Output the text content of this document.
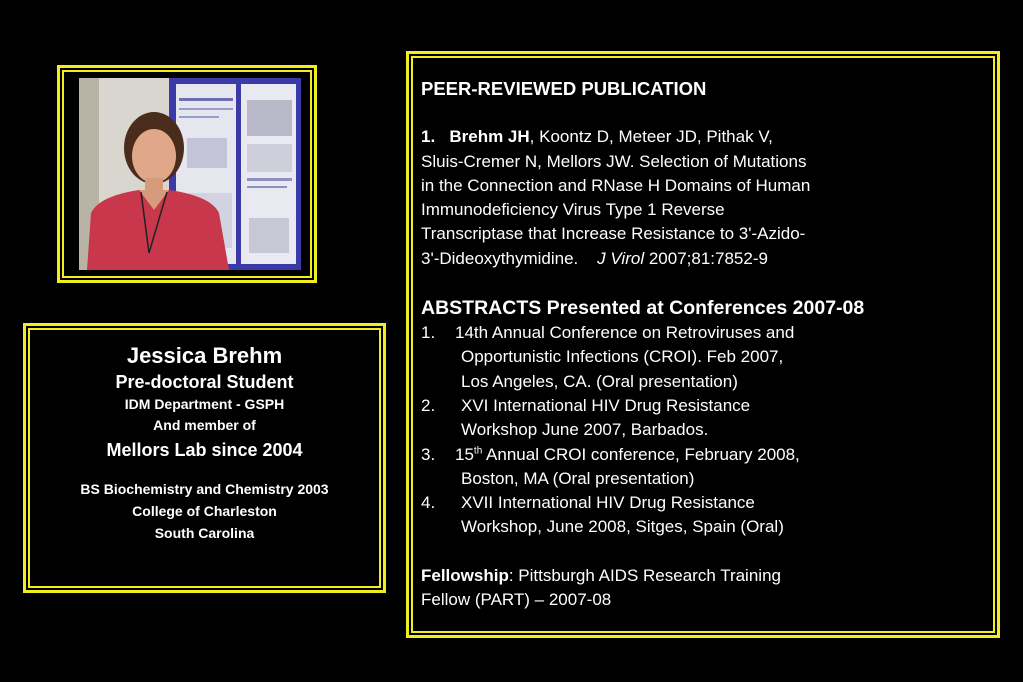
Jessica Brehm
Pre-doctoral Student
IDM Department - GSPH
And member of
Mellors Lab since 2004
BS Biochemistry and Chemistry 2003
College of Charleston
South Carolina
PEER-REVIEWED PUBLICATION
1. Brehm JH, Koontz D, Meteer JD, Pithak V,
Sluis-Cremer N, Mellors JW. Selection of Mutations
in the Connection and RNase H Domains of Human
Immunodeficiency Virus Type 1 Reverse
Transcriptase that Increase Resistance to 3'-Azido-
3'-Dideoxythymidine. J Virol 2007;81:7852-9
ABSTRACTS Presented at Conferences 2007-08
1. 14th Annual Conference on Retroviruses and
Opportunistic Infections (CROI). Feb 2007,
Los Angeles, CA. (Oral presentation)
2. XVI International HIV Drug Resistance
Workshop June 2007, Barbados.
3. 15th Annual CROI conference, February 2008,
Boston, MA (Oral presentation)
4. XVII International HIV Drug Resistance
Workshop, June 2008, Sitges, Spain (Oral)
Fellowship: Pittsburgh AIDS Research Training
Fellow (PART) – 2007-08
